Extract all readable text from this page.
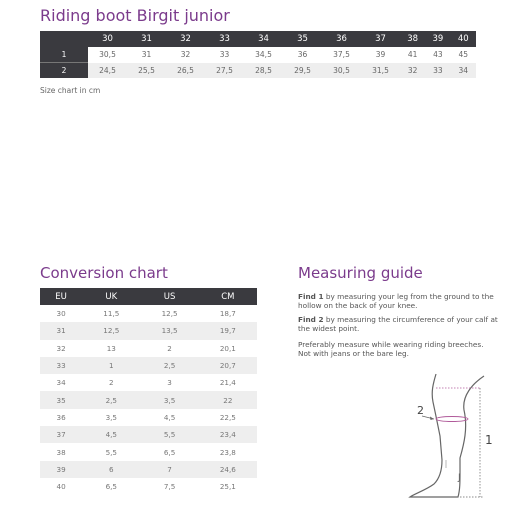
Riding boot Birgit junior
	30	31	32	33	34	35	36	37	38	39	40
1	30,5	31	32	33	34,5	36	37,5	39	41	43	45
2	24,5	25,5	26,5	27,5	28,5	29,5	30,5	31,5	32	33	34
Size chart in cm
Conversion chart
EU	UK	US	CM
30	11,5	12,5	18,7
31	12,5	13,5	19,7
32	13	2	20,1
33	1	2,5	20,7
34	2	3	21,4
35	2,5	3,5	22
36	3,5	4,5	22,5
37	4,5	5,5	23,4
38	5,5	6,5	23,8
39	6	7	24,6
40	6,5	7,5	25,1
Measuring guide
Find 1 by measuring your leg from the ground to the hollow on the back of your knee.
Find 2 by measuring the circumference of your calf at the widest point.
Preferably measure while wearing riding breeches. Not with jeans or the bare leg.
J
1
2
